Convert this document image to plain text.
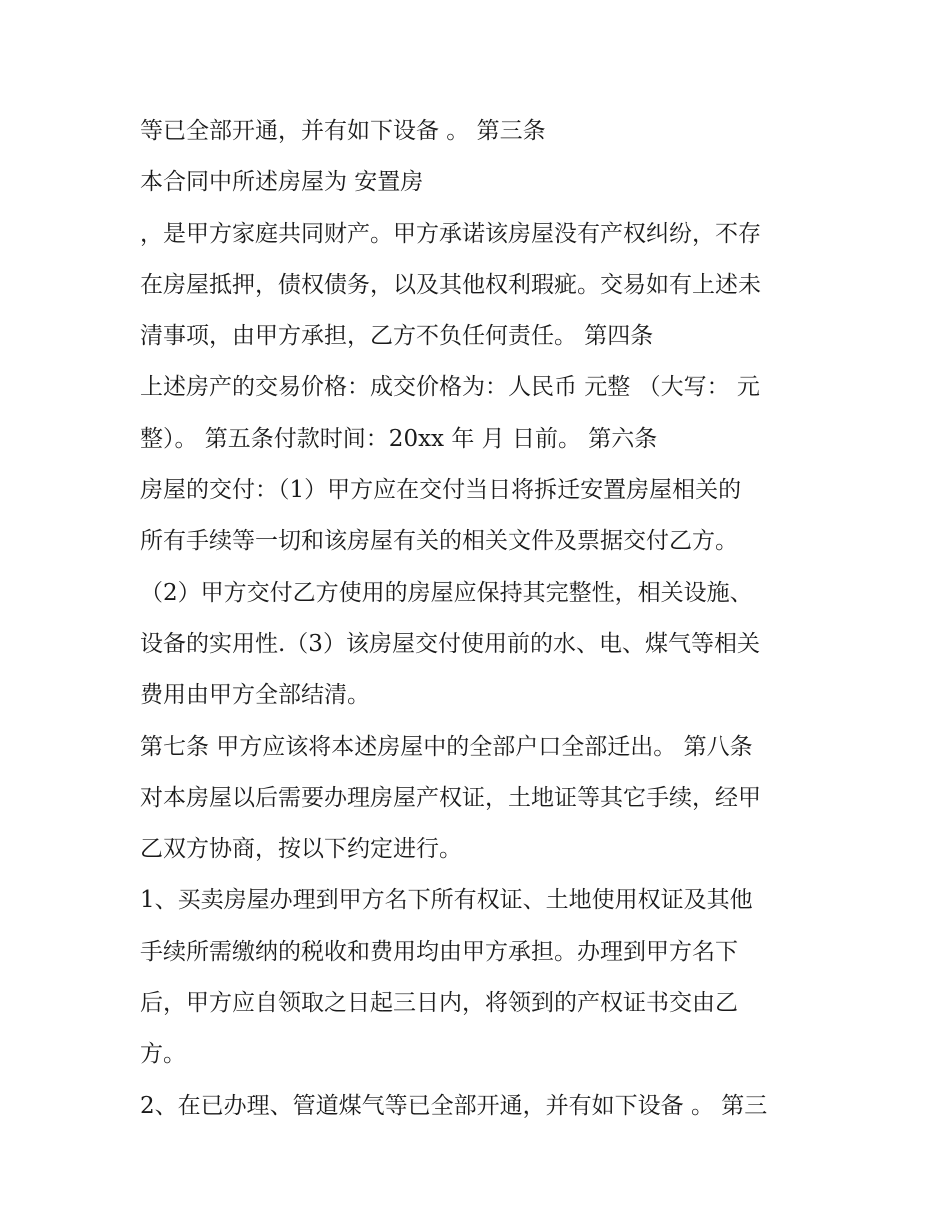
等已全部开通，并有如下设备 。 第三条
本合同中所述房屋为 安置房
，是甲方家庭共同财产。甲方承诺该房屋没有产权纠纷，不存
在房屋抵押，债权债务，以及其他权利瑕疵。交易如有上述未
清事项，由甲方承担，乙方不负任何责任。 第四条
上述房产的交易价格：成交价格为：人民币 元整 （大写： 元
整）。 第五条付款时间：20xx 年 月 日前。 第六条
房屋的交付：（1）甲方应在交付当日将拆迁安置房屋相关的
所有手续等一切和该房屋有关的相关文件及票据交付乙方。
（2）甲方交付乙方使用的房屋应保持其完整性，相关设施、
设备的实用性.（3）该房屋交付使用前的水、电、煤气等相关
费用由甲方全部结清。
第七条 甲方应该将本述房屋中的全部户口全部迁出。 第八条
对本房屋以后需要办理房屋产权证，土地证等其它手续，经甲
乙双方协商，按以下约定进行。
1、买卖房屋办理到甲方名下所有权证、土地使用权证及其他
手续所需缴纳的税收和费用均由甲方承担。办理到甲方名下
后，甲方应自领取之日起三日内，将领到的产权证书交由乙
方。
2、在已办理、管道煤气等已全部开通，并有如下设备 。 第三
